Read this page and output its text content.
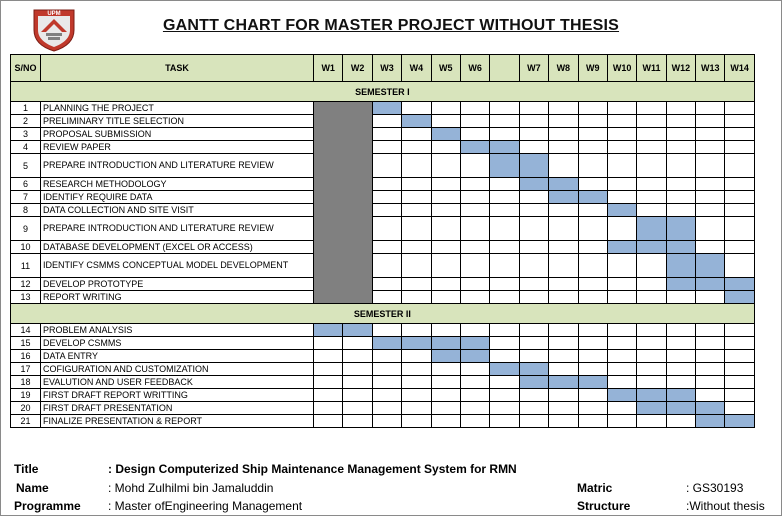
UPM
GANTT CHART FOR MASTER PROJECT WITHOUT THESIS
S/NO	TASK	W1	W2	W3	W4	W5	W6		W7	W8	W9	W10	W11	W12	W13	W14
SEMESTER I																
1	PLANNING THE PROJECT															
2	PRELIMINARY TITLE SELECTION															
3	PROPOSAL SUBMISSION															
4	REVIEW PAPER															
5	PREPARE INTRODUCTION AND LITERATURE REVIEW															
6	RESEARCH METHODOLOGY															
7	IDENTIFY REQUIRE DATA															
8	DATA COLLECTION AND SITE VISIT															
9	PREPARE INTRODUCTION AND LITERATURE REVIEW															
10	DATABASE DEVELOPMENT (EXCEL OR ACCESS)															
11	IDENTIFY CSMMS CONCEPTUAL MODEL DEVELOPMENT															
12	DEVELOP PROTOTYPE															
13	REPORT WRITING															
SEMESTER II																
14	PROBLEM ANALYSIS															
15	DEVELOP CSMMS															
16	DATA ENTRY															
17	COFIGURATION AND CUSTOMIZATION															
18	EVALUTION AND USER FEEDBACK															
19	FIRST DRAFT REPORT WRITTING															
20	FIRST DRAFT PRESENTATION															
21	FINALIZE PRESENTATION & REPORT															
Title	: Design Computerized Ship Maintenance Management System for RMN
Name	: Mohd Zulhilmi bin Jamaluddin
Programme : Master ofEngineering Management
Matric	: GS30193
Structure	:Without thesis
